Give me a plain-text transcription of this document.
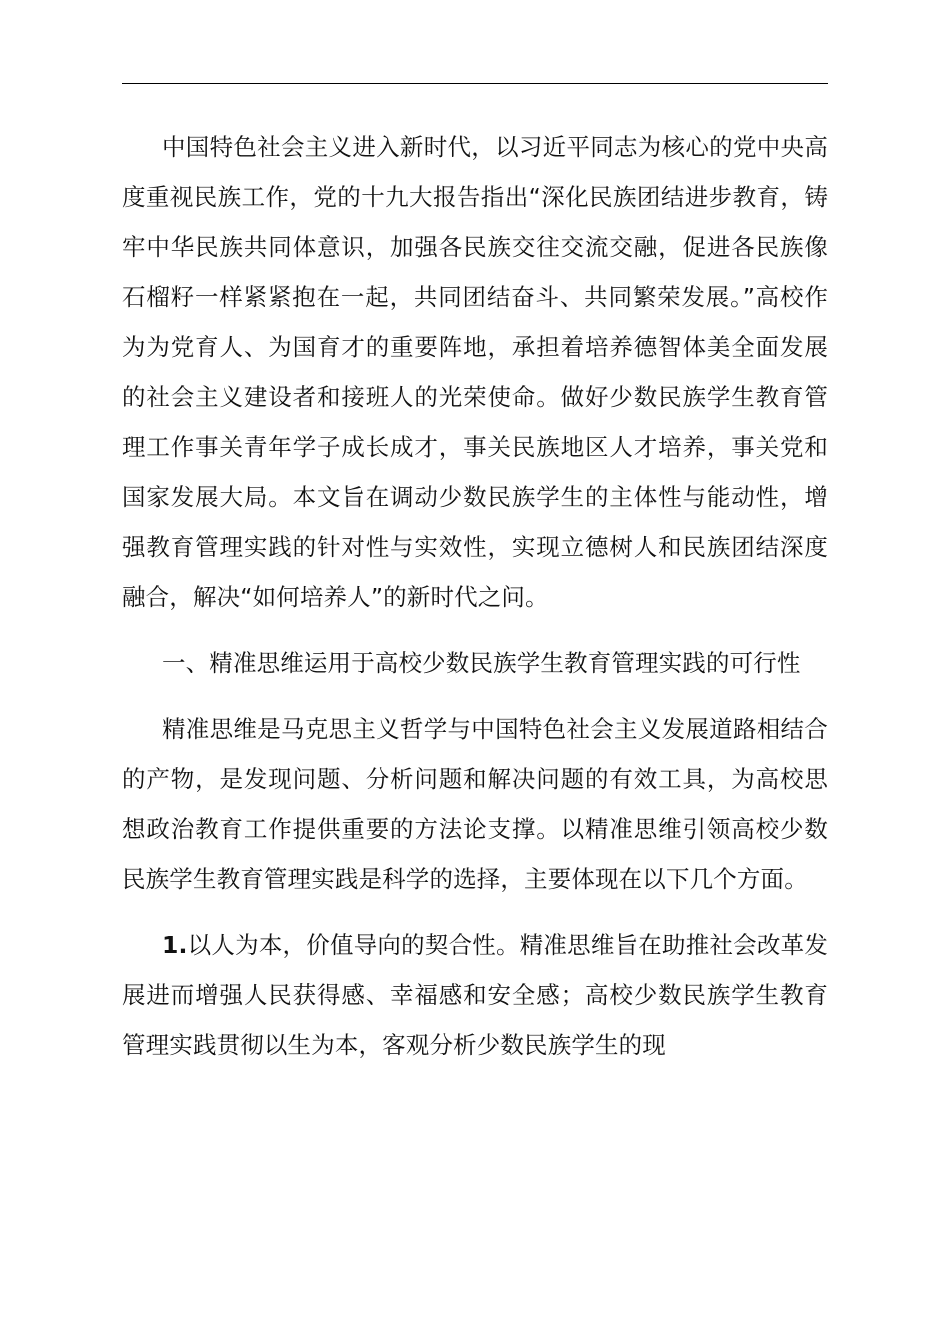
中国特色社会主义进入新时代，以习近平同志为核心的党中央高度重视民族工作，党的十九大报告指出“深化民族团结进步教育，铸牢中华民族共同体意识，加强各民族交往交流交融，促进各民族像石榴籽一样紧紧抱在一起，共同团结奋斗、共同繁荣发展。”高校作为为党育人、为国育才的重要阵地，承担着培养德智体美全面发展的社会主义建设者和接班人的光荣使命。做好少数民族学生教育管理工作事关青年学子成长成才，事关民族地区人才培养，事关党和国家发展大局。本文旨在调动少数民族学生的主体性与能动性，增强教育管理实践的针对性与实效性，实现立德树人和民族团结深度融合，解决“如何培养人”的新时代之问。

一、精准思维运用于高校少数民族学生教育管理实践的可行性

精准思维是马克思主义哲学与中国特色社会主义发展道路相结合的产物，是发现问题、分析问题和解决问题的有效工具，为高校思想政治教育工作提供重要的方法论支撑。以精准思维引领高校少数民族学生教育管理实践是科学的选择，主要体现在以下几个方面。

1.以人为本，价值导向的契合性。精准思维旨在助推社会改革发展进而增强人民获得感、幸福感和安全感；高校少数民族学生教育管理实践贯彻以生为本，客观分析少数民族学生的现
